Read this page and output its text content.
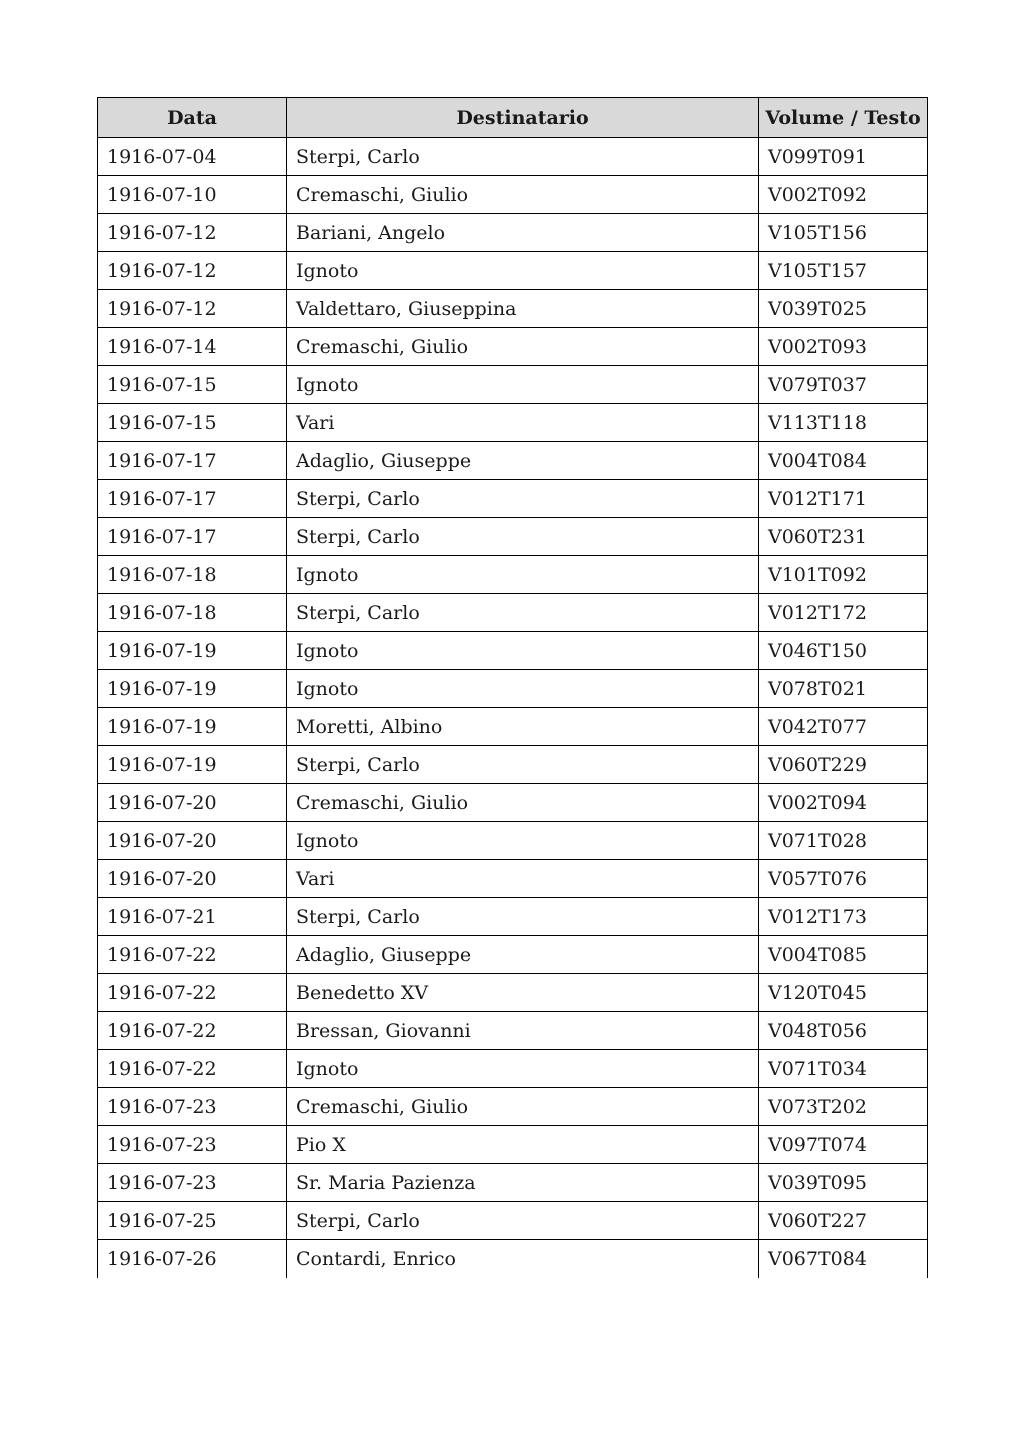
Data	Destinatario	Volume / Testo
1916-07-04	Sterpi, Carlo	V099T091
1916-07-10	Cremaschi, Giulio	V002T092
1916-07-12	Bariani, Angelo	V105T156
1916-07-12	Ignoto	V105T157
1916-07-12	Valdettaro, Giuseppina	V039T025
1916-07-14	Cremaschi, Giulio	V002T093
1916-07-15	Ignoto	V079T037
1916-07-15	Vari	V113T118
1916-07-17	Adaglio, Giuseppe	V004T084
1916-07-17	Sterpi, Carlo	V012T171
1916-07-17	Sterpi, Carlo	V060T231
1916-07-18	Ignoto	V101T092
1916-07-18	Sterpi, Carlo	V012T172
1916-07-19	Ignoto	V046T150
1916-07-19	Ignoto	V078T021
1916-07-19	Moretti, Albino	V042T077
1916-07-19	Sterpi, Carlo	V060T229
1916-07-20	Cremaschi, Giulio	V002T094
1916-07-20	Ignoto	V071T028
1916-07-20	Vari	V057T076
1916-07-21	Sterpi, Carlo	V012T173
1916-07-22	Adaglio, Giuseppe	V004T085
1916-07-22	Benedetto XV	V120T045
1916-07-22	Bressan, Giovanni	V048T056
1916-07-22	Ignoto	V071T034
1916-07-23	Cremaschi, Giulio	V073T202
1916-07-23	Pio X	V097T074
1916-07-23	Sr. Maria Pazienza	V039T095
1916-07-25	Sterpi, Carlo	V060T227
1916-07-26	Contardi, Enrico	V067T084
